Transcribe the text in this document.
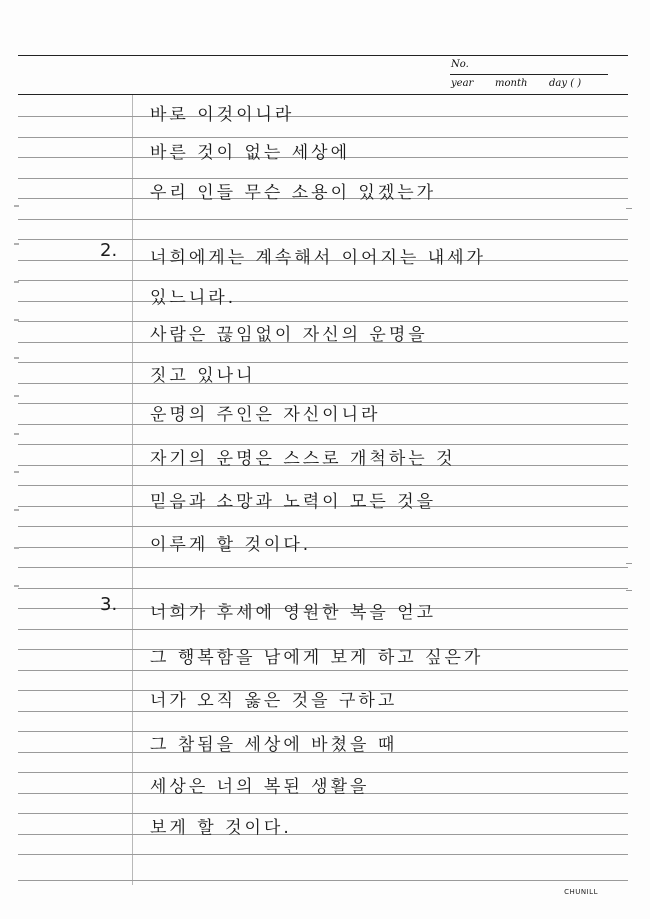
No.
year month day ( )
바로 이것이니라
바른 것이 없는 세상에
우리 인들 무슨 소용이 있겠는가
2. 너희에게는 계속해서 이어지는 내세가
있느니라.
사람은 끊임없이 자신의 운명을
짓고 있나니
운명의 주인은 자신이니라
자기의 운명은 스스로 개척하는 것
믿음과 소망과 노력이 모든 것을
이루게 할 것이다.
3. 너희가 후세에 영원한 복을 얻고
그 행복함을 남에게 보게 하고 싶은가
너가 오직 옳은 것을 구하고
그 참됨을 세상에 바쳤을 때
세상은 너의 복된 생활을
보게 할 것이다.
CHUNILL
